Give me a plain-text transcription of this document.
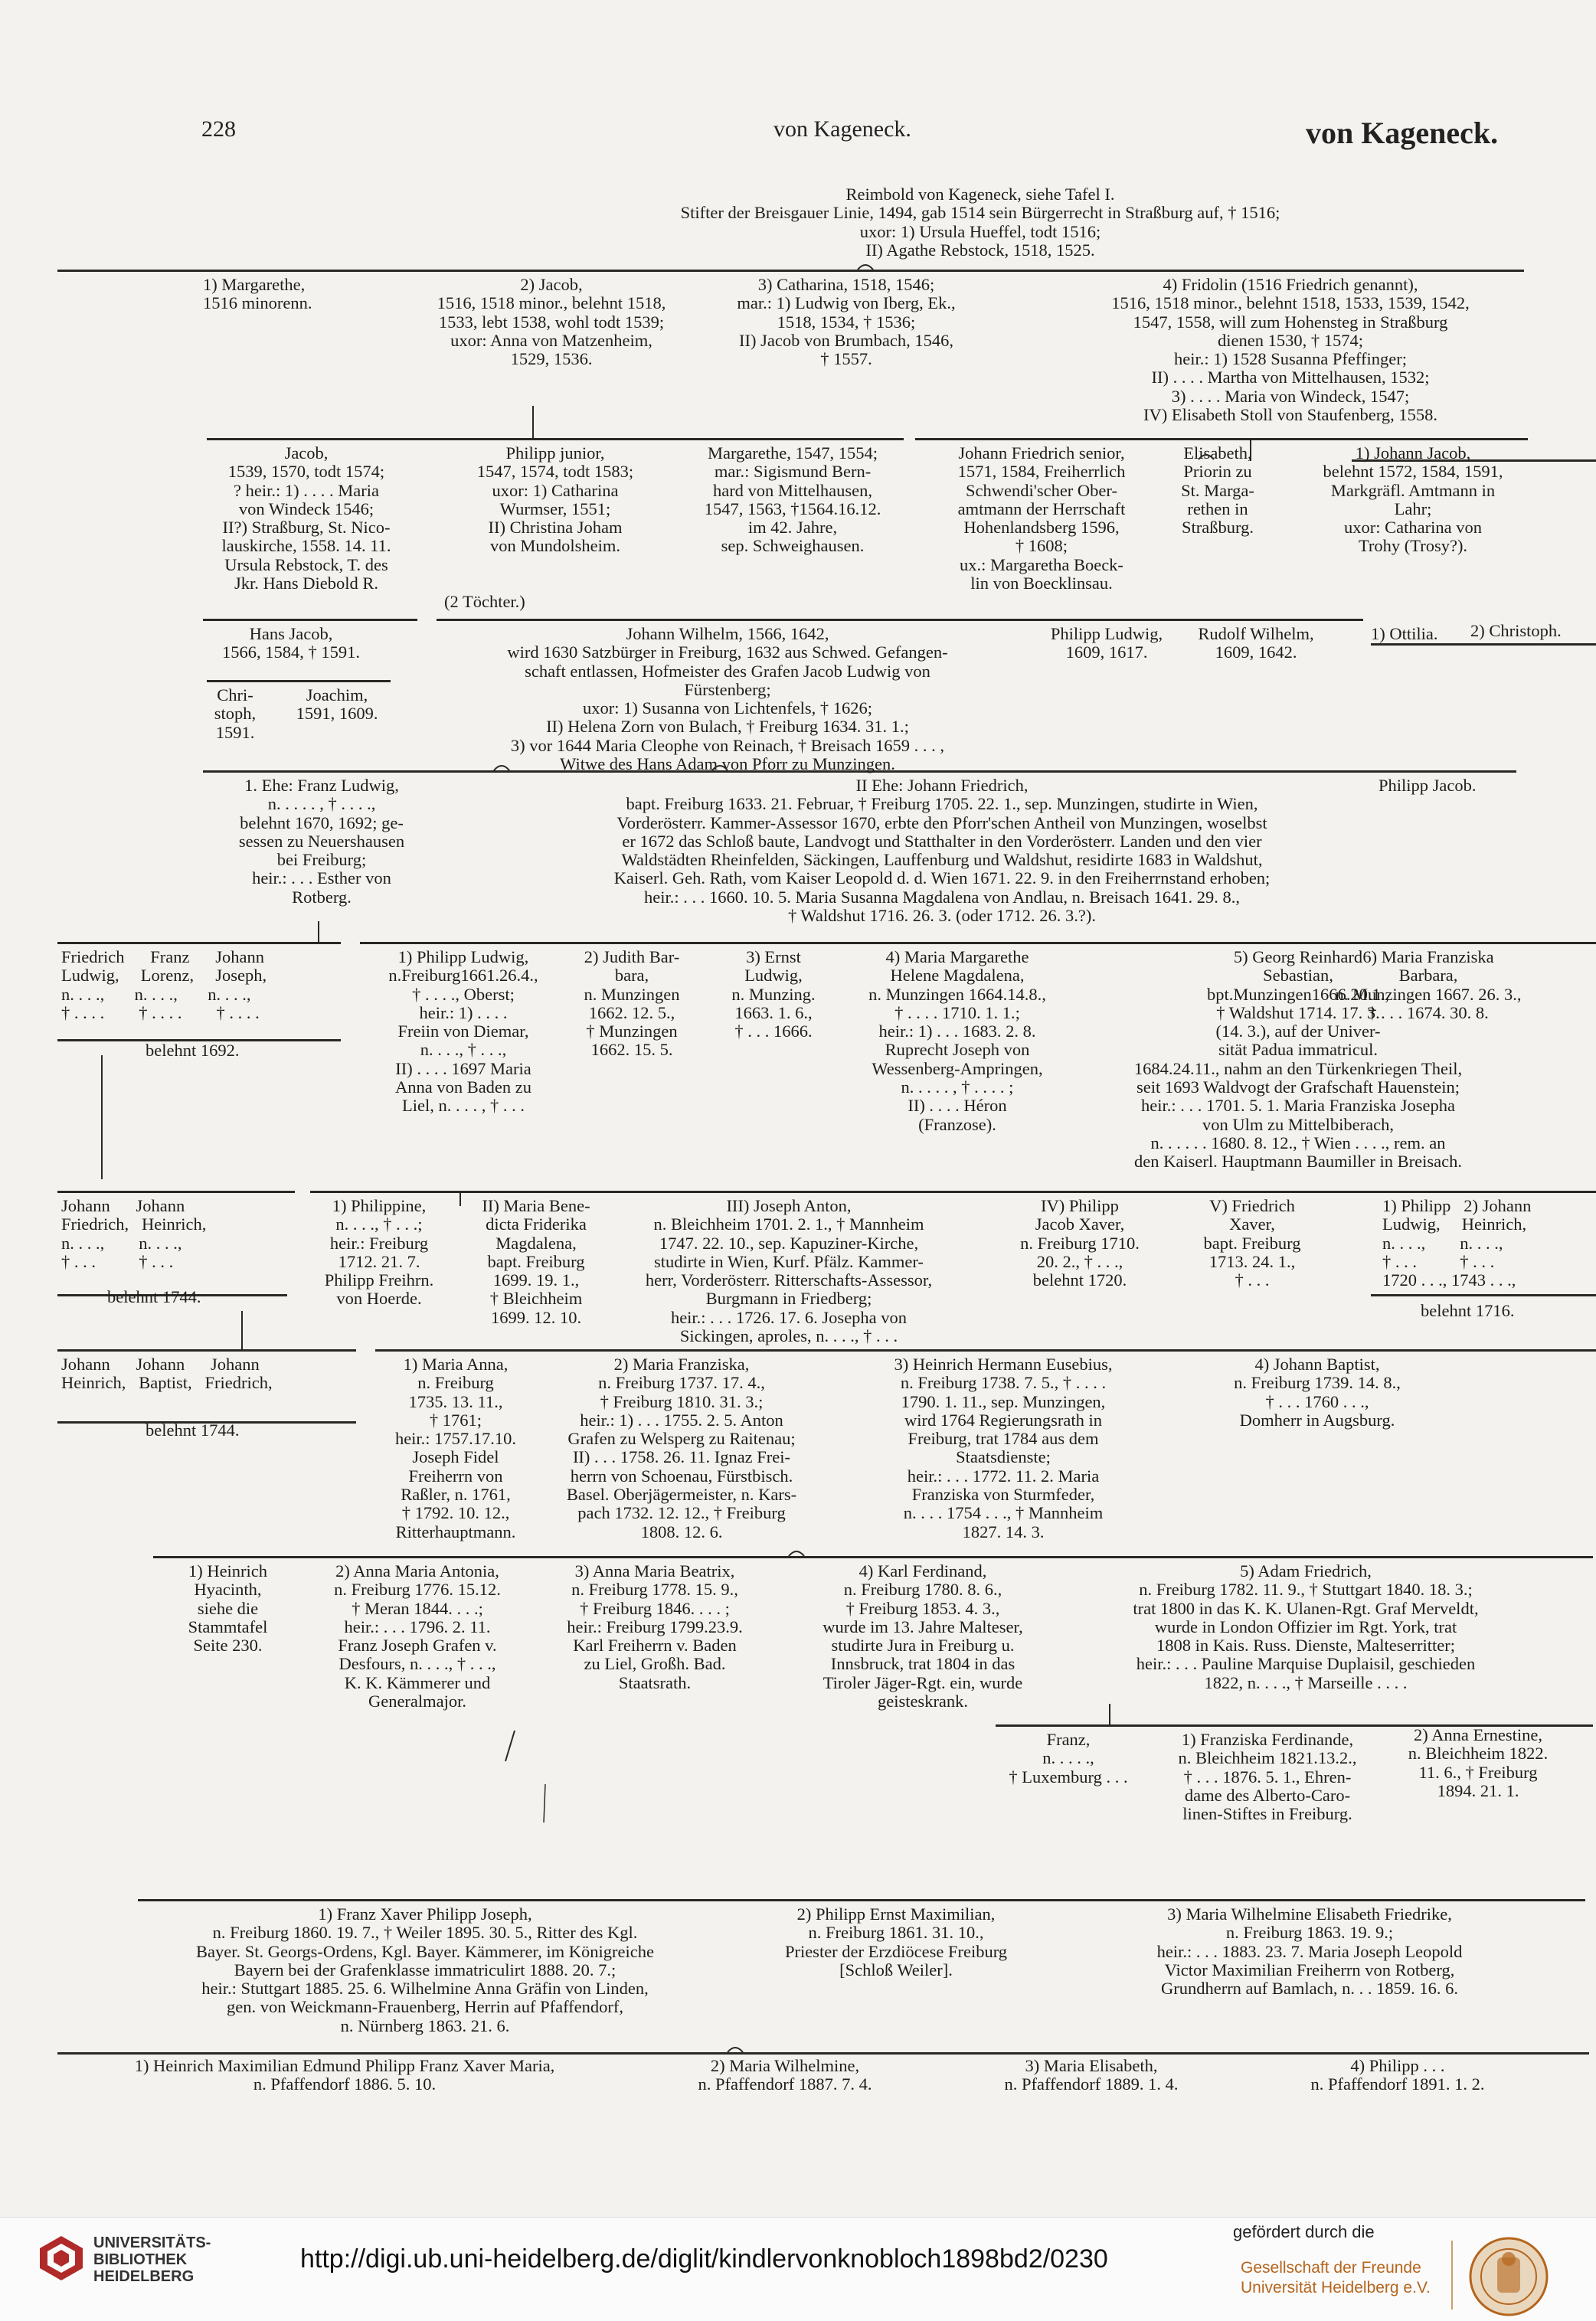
228	von Kageneck.	von Kageneck.
Reimbold von Kageneck, siehe Tafel I.
Stifter der Breisgauer Linie, 1494, gab 1514 sein Bürgerrecht in Straßburg auf, † 1516;
uxor: 1) Ursula Hueffel, todt 1516;
II) Agathe Rebstock, 1518, 1525.
1) Margarethe,
1516 minorenn.
2) Jacob,
1516, 1518 minor., belehnt 1518,
1533, lebt 1538, wohl todt 1539;
uxor: Anna von Matzenheim,
1529, 1536.
3) Catharina, 1518, 1546;
mar.: 1) Ludwig von Iberg, Ek.,
1518, 1534, † 1536;
II) Jacob von Brumbach, 1546,
† 1557.
4) Fridolin (1516 Friedrich genannt),
1516, 1518 minor., belehnt 1518, 1533, 1539, 1542,
1547, 1558, will zum Hohensteg in Straßburg
dienen 1530, † 1574;
heir.: 1) 1528 Susanna Pfeffinger;
II) . . . . Martha von Mittelhausen, 1532;
3) . . . . Maria von Windeck, 1547;
IV) Elisabeth Stoll von Staufenberg, 1558.
Jacob,
1539, 1570, todt 1574;
? heir.: 1) . . . . Maria
von Windeck 1546;
II?) Straßburg, St. Nico-
lauskirche, 1558. 14. 11.
Ursula Rebstock, T. des
Jkr. Hans Diebold R.
Philipp junior,
1547, 1574, todt 1583;
uxor: 1) Catharina
Wurmser, 1551;
II) Christina Joham
von Mundolsheim.
(2 Töchter.)
Margarethe, 1547, 1554;
mar.: Sigismund Bern-
hard von Mittelhausen,
1547, 1563, †1564.16.12.
im 42. Jahre,
sep. Schweighausen.
Johann Friedrich senior,
1571, 1584, Freiherrlich
Schwendi'scher Ober-
amtmann der Herrschaft
Hohenlandsberg 1596,
† 1608;
ux.: Margaretha Boeck-
lin von Boecklinsau.
Elisabeth,
Priorin zu
St. Marga-
rethen in
Straßburg.
1) Johann Jacob,
belehnt 1572, 1584, 1591,
Markgräfl. Amtmann in
Lahr;
uxor: Catharina von
Trohy (Trosy?).
Hans Jacob,
1566, 1584, † 1591.
Johann Wilhelm, 1566, 1642,
wird 1630 Satzbürger in Freiburg, 1632 aus Schwed. Gefangen-
schaft entlassen, Hofmeister des Grafen Jacob Ludwig von
Fürstenberg;
uxor: 1) Susanna von Lichtenfels, † 1626;
II) Helena Zorn von Bulach, † Freiburg 1634. 31. 1.;
3) vor 1644 Maria Cleophe von Reinach, † Breisach 1659 . . . ,
Witwe des Hans Adam von Pforr zu Munzingen.
Philipp Ludwig,
1609, 1617.
Rudolf Wilhelm,
1609, 1642.
1) Ottilia. 2) Christoph.
Chri-
stoph,
1591.
Joachim,
1591, 1609.
1. Ehe: Franz Ludwig,
n. . . . . , † . . . .,
belehnt 1670, 1692; ge-
sessen zu Neuershausen
bei Freiburg;
heir.: . . . Esther von
Rotberg.
II Ehe: Johann Friedrich,
bapt. Freiburg 1633. 21. Februar, † Freiburg 1705. 22. 1., sep. Munzingen, studirte in Wien,
Vorderösterr. Kammer-Assessor 1670, erbte den Pforr'schen Antheil von Munzingen, woselbst
er 1672 das Schloß baute, Landvogt und Statthalter in den Vorderösterr. Landen und den vier
Waldstädten Rheinfelden, Säckingen, Lauffenburg und Waldshut, residirte 1683 in Waldshut,
Kaiserl. Geh. Rath, vom Kaiser Leopold d. d. Wien 1671. 22. 9. in den Freiherrnstand erhoben;
heir.: . . . 1660. 10. 5. Maria Susanna Magdalena von Andlau, n. Breisach 1641. 29. 8.,
† Waldshut 1716. 26. 3. (oder 1712. 26. 3.?).
Philipp Jacob.
Friedrich      Franz      Johann
Ludwig,     Lorenz,     Joseph,
n. . . .,       n. . . .,       n. . . .,
† . . . .        † . . . .        † . . . .
belehnt 1692.
1) Philipp Ludwig,
n.Freiburg1661.26.4.,
† . . . ., Oberst;
heir.: 1) . . . .
Freiin von Diemar,
n. . . ., † . . .,
II) . . . . 1697 Maria
Anna von Baden zu
Liel, n. . . . , † . . .
2) Judith Bar-
bara,
n. Munzingen
1662. 12. 5.,
† Munzingen
1662. 15. 5.
3) Ernst
Ludwig,
n. Munzing.
1663. 1. 6.,
† . . . 1666.
4) Maria Margarethe
Helene Magdalena,
n. Munzingen 1664.14.8.,
† . . . . 1710. 1. 1.;
heir.: 1) . . . 1683. 2. 8.
Ruprecht Joseph von
Wessenberg-Ampringen,
n. . . . . , † . . . . ;
II) . . . . Héron
(Franzose).
5) Georg Reinhard
Sebastian,
bpt.Munzingen1666.20.1.,
† Waldshut 1714. 17. 3.
(14. 3.), auf der Univer-
sität Padua immatricul.
1684.24.11., nahm an den Türkenkriegen Theil,
seit 1693 Waldvogt der Grafschaft Hauenstein;
heir.: . . . 1701. 5. 1. Maria Franziska Josepha
von Ulm zu Mittelbiberach,
n. . . . . . 1680. 8. 12., † Wien . . . ., rem. an
den Kaiserl. Hauptmann Baumiller in Breisach.
6) Maria Franziska
Barbara,
n. Munzingen 1667. 26. 3.,
† . . . 1674. 30. 8.
Johann      Johann
Friedrich,   Heinrich,
n. . . .,        n. . . .,
† . . .          † . . .
belehnt 1744.
1) Philippine,
n. . . ., † . . .;
heir.: Freiburg
1712. 21. 7.
Philipp Freihrn.
von Hoerde.
II) Maria Bene-
dicta Friderika
Magdalena,
bapt. Freiburg
1699. 19. 1.,
† Bleichheim
1699. 12. 10.
III) Joseph Anton,
n. Bleichheim 1701. 2. 1., † Mannheim
1747. 22. 10., sep. Kapuziner-Kirche,
studirte in Wien, Kurf. Pfälz. Kammer-
herr, Vorderösterr. Ritterschafts-Assessor,
Burgmann in Friedberg;
heir.: . . . 1726. 17. 6. Josepha von
Sickingen, aproles, n. . . ., † . . .
IV) Philipp
Jacob Xaver,
n. Freiburg 1710.
20. 2., † . . .,
belehnt 1720.
V) Friedrich
Xaver,
bapt. Freiburg
1713. 24. 1.,
† . . .
1) Philipp   2) Johann
Ludwig,     Heinrich,
n. . . .,        n. . . .,
† . . .          † . . .
1720 . . ., 1743 . . .,
belehnt 1716.
Johann      Johann      Johann
Heinrich,   Baptist,   Friedrich,
belehnt 1744.
1) Maria Anna,
n. Freiburg
1735. 13. 11.,
† 1761;
heir.: 1757.17.10.
Joseph Fidel
Freiherrn von
Raßler, n. 1761,
† 1792. 10. 12.,
Ritterhauptmann.
2) Maria Franziska,
n. Freiburg 1737. 17. 4.,
† Freiburg 1810. 31. 3.;
heir.: 1) . . . 1755. 2. 5. Anton
Grafen zu Welsperg zu Raitenau;
II) . . . 1758. 26. 11. Ignaz Frei-
herrn von Schoenau, Fürstbisch.
Basel. Oberjägermeister, n. Kars-
pach 1732. 12. 12., † Freiburg
1808. 12. 6.
3) Heinrich Hermann Eusebius,
n. Freiburg 1738. 7. 5., † . . . .
1790. 1. 11., sep. Munzingen,
wird 1764 Regierungsrath in
Freiburg, trat 1784 aus dem
Staatsdienste;
heir.: . . . 1772. 11. 2. Maria
Franziska von Sturmfeder,
n. . . . 1754 . . ., † Mannheim
1827. 14. 3.
4) Johann Baptist,
n. Freiburg 1739. 14. 8.,
† . . . 1760 . . .,
Domherr in Augsburg.
1) Heinrich
Hyacinth,
siehe die
Stammtafel
Seite 230.
2) Anna Maria Antonia,
n. Freiburg 1776. 15.12.
† Meran 1844. . . .;
heir.: . . . 1796. 2. 11.
Franz Joseph Grafen v.
Desfours, n. . . ., † . . .,
K. K. Kämmerer und
Generalmajor.
3) Anna Maria Beatrix,
n. Freiburg 1778. 15. 9.,
† Freiburg 1846. . . . ;
heir.: Freiburg 1799.23.9.
Karl Freiherrn v. Baden
zu Liel, Großh. Bad.
Staatsrath.
4) Karl Ferdinand,
n. Freiburg 1780. 8. 6.,
† Freiburg 1853. 4. 3.,
wurde im 13. Jahre Malteser,
studirte Jura in Freiburg u.
Innsbruck, trat 1804 in das
Tiroler Jäger-Rgt. ein, wurde
geisteskrank.
5) Adam Friedrich,
n. Freiburg 1782. 11. 9., † Stuttgart 1840. 18. 3.;
trat 1800 in das K. K. Ulanen-Rgt. Graf Merveldt,
wurde in London Offizier im Rgt. York, trat
1808 in Kais. Russ. Dienste, Malteserritter;
heir.: . . . Pauline Marquise Duplaisil, geschieden
1822, n. . . ., † Marseille . . . .
Franz,
n. . . . .,
† Luxemburg . . .
1) Franziska Ferdinande,
n. Bleichheim 1821.13.2.,
† . . . 1876. 5. 1., Ehren-
dame des Alberto-Caro-
linen-Stiftes in Freiburg.
2) Anna Ernestine,
n. Bleichheim 1822.
11. 6., † Freiburg
1894. 21. 1.
1) Franz Xaver Philipp Joseph,
n. Freiburg 1860. 19. 7., † Weiler 1895. 30. 5., Ritter des Kgl.
Bayer. St. Georgs-Ordens, Kgl. Bayer. Kämmerer, im Königreiche
Bayern bei der Grafenklasse immatriculirt 1888. 20. 7.;
heir.: Stuttgart 1885. 25. 6. Wilhelmine Anna Gräfin von Linden,
gen. von Weickmann-Frauenberg, Herrin auf Pfaffendorf,
n. Nürnberg 1863. 21. 6.
2) Philipp Ernst Maximilian,
n. Freiburg 1861. 31. 10.,
Priester der Erzdiöcese Freiburg
[Schloß Weiler].
3) Maria Wilhelmine Elisabeth Friedrike,
n. Freiburg 1863. 19. 9.;
heir.: . . . 1883. 23. 7. Maria Joseph Leopold
Victor Maximilian Freiherrn von Rotberg,
Grundherrn auf Bamlach, n. . . 1859. 16. 6.
1) Heinrich Maximilian Edmund Philipp Franz Xaver Maria,
n. Pfaffendorf 1886. 5. 10.
2) Maria Wilhelmine,
n. Pfaffendorf 1887. 7. 4.
3) Maria Elisabeth,
n. Pfaffendorf 1889. 1. 4.
4) Philipp . . .
n. Pfaffendorf 1891. 1. 2.
UNIVERSITÄTS-
BIBLIOTHEK
HEIDELBERG
http://digi.ub.uni-heidelberg.de/diglit/kindlervonknobloch1898bd2/0230
gefördert durch die
Gesellschaft der Freunde
Universität Heidelberg e.V.
